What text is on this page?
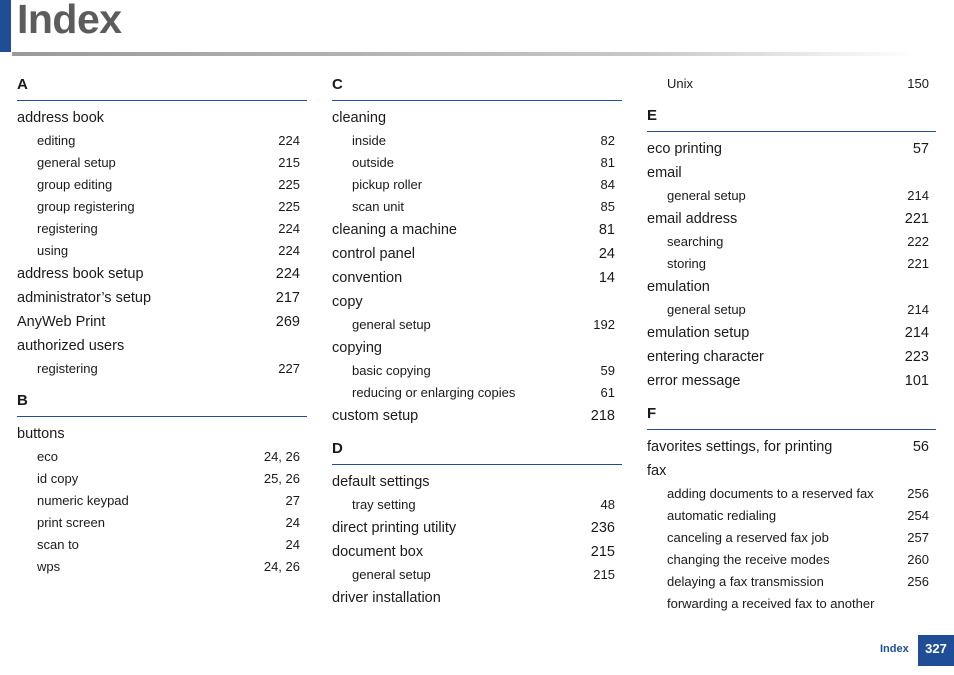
Index
A
address book
editing	224
general setup	215
group editing	225
group registering	225
registering	224
using	224
address book setup	224
administrator’s setup	217
AnyWeb Print	269
authorized users
registering	227
B
buttons
eco	24, 26
id copy	25, 26
numeric keypad	27
print screen	24
scan to	24
wps	24, 26
C
cleaning
inside	82
outside	81
pickup roller	84
scan unit	85
cleaning a machine	81
control panel	24
convention	14
copy
general setup	192
copying
basic copying	59
reducing or enlarging copies	61
custom setup	218
D
default settings
tray setting	48
direct printing utility	236
document box	215
general setup	215
driver installation
Unix	150
E
eco printing	57
email
general setup	214
email address	221
searching	222
storing	221
emulation
general setup	214
emulation setup	214
entering character	223
error message	101
F
favorites settings, for printing	56
fax
adding documents to a reserved fax	256
automatic redialing	254
canceling a reserved fax job	257
changing the receive modes	260
delaying a fax transmission	256
forwarding a received fax to another
Index	327
